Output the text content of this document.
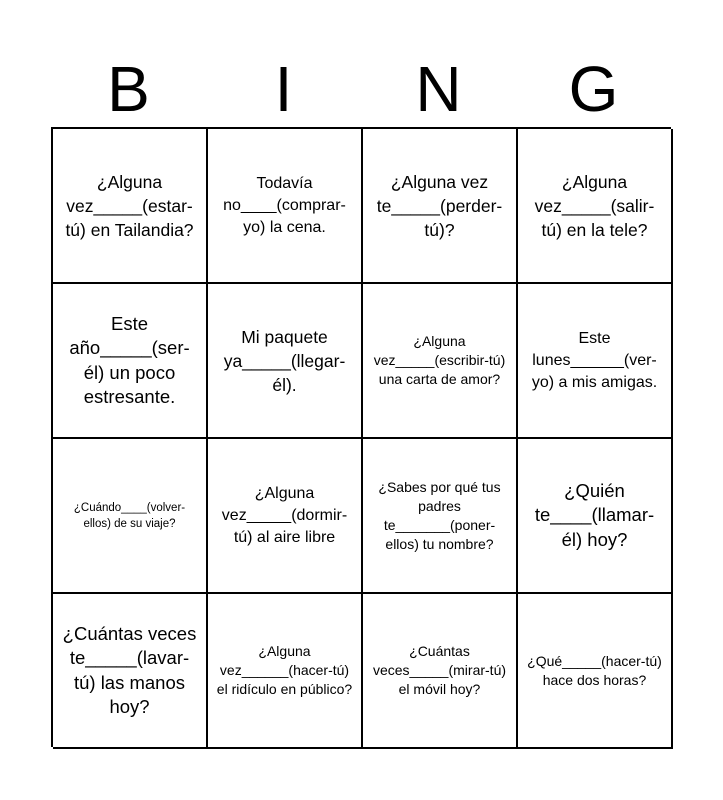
B	I	N	G
¿Alguna vez_____(estar-tú) en Tailandia?
Todavía no____(comprar-yo) la cena.
¿Alguna vez te_____(perder-tú)?
¿Alguna vez_____(salir-tú) en la tele?
Este año_____(ser-él) un poco estresante.
Mi paquete ya_____(llegar-él).
¿Alguna vez_____(escribir-tú) una carta de amor?
Este lunes______(ver-yo) a mis amigas.
¿Cuándo____(volver-ellos) de su viaje?
¿Alguna vez_____(dormir-tú) al aire libre
¿Sabes por qué tus padres te_______(poner-ellos) tu nombre?
¿Quién te____(llamar-él) hoy?
¿Cuántas veces te_____(lavar-tú) las manos hoy?
¿Alguna vez______(hacer-tú) el ridículo en público?
¿Cuántas veces_____(mirar-tú) el móvil hoy?
¿Qué_____(hacer-tú) hace dos horas?
